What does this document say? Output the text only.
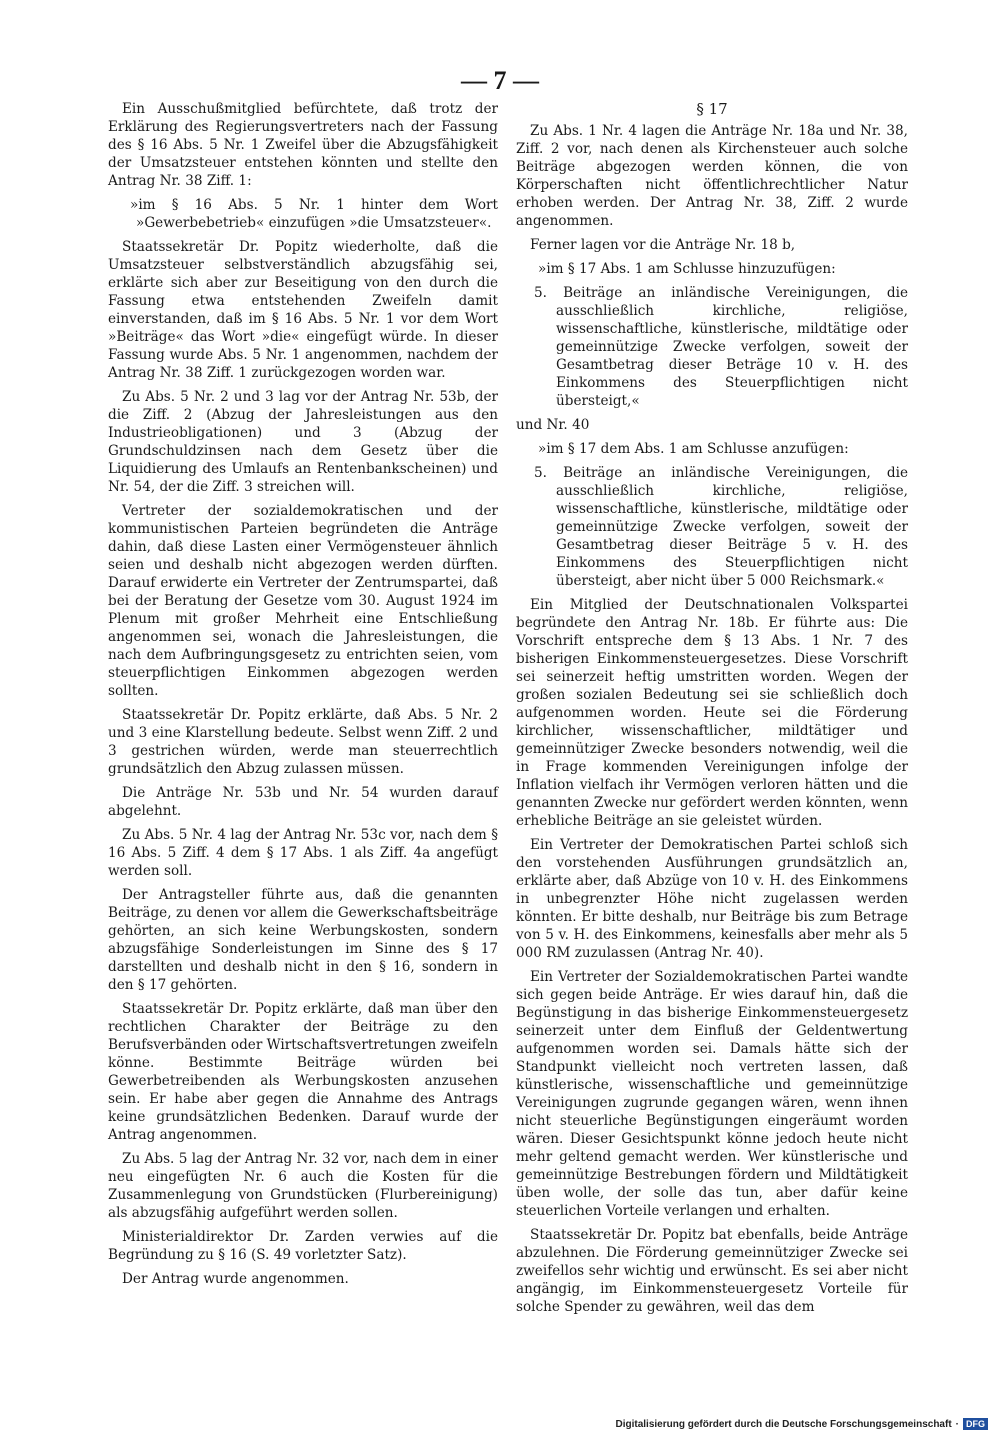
— 7 —

Ein Ausschußmitglied befürchtete, daß trotz der Erklärung des Regierungsvertreters nach der Fassung des § 16 Abs. 5 Nr. 1 Zweifel über die Abzugsfähigkeit der Umsatzsteuer entstehen könnten und stellte den Antrag Nr. 38 Ziff. 1:

»im § 16 Abs. 5 Nr. 1 hinter dem Wort »Gewerbebetrieb« einzufügen »die Umsatzsteuer«.

Staatssekretär Dr. Popitz wiederholte, daß die Umsatzsteuer selbstverständlich abzugsfähig sei, erklärte sich aber zur Beseitigung von den durch die Fassung etwa entstehenden Zweifeln damit einverstanden, daß im § 16 Abs. 5 Nr. 1 vor dem Wort »Beiträge« das Wort »die« eingefügt würde. In dieser Fassung wurde Abs. 5 Nr. 1 angenommen, nachdem der Antrag Nr. 38 Ziff. 1 zurückgezogen worden war.

Zu Abs. 5 Nr. 2 und 3 lag vor der Antrag Nr. 53b, der die Ziff. 2 (Abzug der Jahresleistungen aus den Industrieobligationen) und 3 (Abzug der Grundschuldzinsen nach dem Gesetz über die Liquidierung des Umlaufs an Rentenbankscheinen) und Nr. 54, der die Ziff. 3 streichen will.

Vertreter der sozialdemokratischen und der kommunistischen Parteien begründeten die Anträge dahin, daß diese Lasten einer Vermögensteuer ähnlich seien und deshalb nicht abgezogen werden dürften. Darauf erwiderte ein Vertreter der Zentrumspartei, daß bei der Beratung der Gesetze vom 30. August 1924 im Plenum mit großer Mehrheit eine Entschließung angenommen sei, wonach die Jahresleistungen, die nach dem Aufbringungsgesetz zu entrichten seien, vom steuerpflichtigen Einkommen abgezogen werden sollten.

Staatssekretär Dr. Popitz erklärte, daß Abs. 5 Nr. 2 und 3 eine Klarstellung bedeute. Selbst wenn Ziff. 2 und 3 gestrichen würden, werde man steuerrechtlich grundsätzlich den Abzug zulassen müssen.

Die Anträge Nr. 53b und Nr. 54 wurden darauf abgelehnt.

Zu Abs. 5 Nr. 4 lag der Antrag Nr. 53c vor, nach dem § 16 Abs. 5 Ziff. 4 dem § 17 Abs. 1 als Ziff. 4a angefügt werden soll.

Der Antragsteller führte aus, daß die genannten Beiträge, zu denen vor allem die Gewerkschaftsbeiträge gehörten, an sich keine Werbungskosten, sondern abzugsfähige Sonderleistungen im Sinne des § 17 darstellten und deshalb nicht in den § 16, sondern in den § 17 gehörten.

Staatssekretär Dr. Popitz erklärte, daß man über den rechtlichen Charakter der Beiträge zu den Berufsverbänden oder Wirtschaftsvertretungen zweifeln könne. Bestimmte Beiträge würden bei Gewerbetreibenden als Werbungskosten anzusehen sein. Er habe aber gegen die Annahme des Antrags keine grundsätzlichen Bedenken. Darauf wurde der Antrag angenommen.

Zu Abs. 5 lag der Antrag Nr. 32 vor, nach dem in einer neu eingefügten Nr. 6 auch die Kosten für die Zusammenlegung von Grundstücken (Flurbereinigung) als abzugsfähig aufgeführt werden sollen.

Ministerialdirektor Dr. Zarden verwies auf die Begründung zu § 16 (S. 49 vorletzter Satz).

Der Antrag wurde angenommen.

§ 17

Zu Abs. 1 Nr. 4 lagen die Anträge Nr. 18a und Nr. 38, Ziff. 2 vor, nach denen als Kirchensteuer auch solche Beiträge abgezogen werden können, die von Körperschaften nicht öffentlichrechtlicher Natur erhoben werden. Der Antrag Nr. 38, Ziff. 2 wurde angenommen.

Ferner lagen vor die Anträge Nr. 18 b,

»im § 17 Abs. 1 am Schlusse hinzuzufügen:

5. Beiträge an inländische Vereinigungen, die ausschließlich kirchliche, religiöse, wissenschaftliche, künstlerische, mildtätige oder gemeinnützige Zwecke verfolgen, soweit der Gesamtbetrag dieser Beträge 10 v. H. des Einkommens des Steuerpflichtigen nicht übersteigt,«

und Nr. 40

»im § 17 dem Abs. 1 am Schlusse anzufügen:

5. Beiträge an inländische Vereinigungen, die ausschließlich kirchliche, religiöse, wissenschaftliche, künstlerische, mildtätige oder gemeinnützige Zwecke verfolgen, soweit der Gesamtbetrag dieser Beiträge 5 v. H. des Einkommens des Steuerpflichtigen nicht übersteigt, aber nicht über 5 000 Reichsmark.«

Ein Mitglied der Deutschnationalen Volkspartei begründete den Antrag Nr. 18b. Er führte aus: Die Vorschrift entspreche dem § 13 Abs. 1 Nr. 7 des bisherigen Einkommensteuergesetzes. Diese Vorschrift sei seinerzeit heftig umstritten worden. Wegen der großen sozialen Bedeutung sei sie schließlich doch aufgenommen worden. Heute sei die Förderung kirchlicher, wissenschaftlicher, mildtätiger und gemeinnütziger Zwecke besonders notwendig, weil die in Frage kommenden Vereinigungen infolge der Inflation vielfach ihr Vermögen verloren hätten und die genannten Zwecke nur gefördert werden könnten, wenn erhebliche Beiträge an sie geleistet würden.

Ein Vertreter der Demokratischen Partei schloß sich den vorstehenden Ausführungen grundsätzlich an, erklärte aber, daß Abzüge von 10 v. H. des Einkommens in unbegrenzter Höhe nicht zugelassen werden könnten. Er bitte deshalb, nur Beiträge bis zum Betrage von 5 v. H. des Einkommens, keinesfalls aber mehr als 5 000 RM zuzulassen (Antrag Nr. 40).

Ein Vertreter der Sozialdemokratischen Partei wandte sich gegen beide Anträge. Er wies darauf hin, daß die Begünstigung in das bisherige Einkommensteuergesetz seinerzeit unter dem Einfluß der Geldentwertung aufgenommen worden sei. Damals hätte sich der Standpunkt vielleicht noch vertreten lassen, daß künstlerische, wissenschaftliche und gemeinnützige Vereinigungen zugrunde gegangen wären, wenn ihnen nicht steuerliche Begünstigungen eingeräumt worden wären. Dieser Gesichtspunkt könne jedoch heute nicht mehr geltend gemacht werden. Wer künstlerische und gemeinnützige Bestrebungen fördern und Mildtätigkeit üben wolle, der solle das tun, aber dafür keine steuerlichen Vorteile verlangen und erhalten.

Staatssekretär Dr. Popitz bat ebenfalls, beide Anträge abzulehnen. Die Förderung gemeinnütziger Zwecke sei zweifellos sehr wichtig und erwünscht. Es sei aber nicht angängig, im Einkommensteuergesetz Vorteile für solche Spender zu gewähren, weil das dem

Digitalisierung gefördert durch die Deutsche Forschungsgemeinschaft · DFG
